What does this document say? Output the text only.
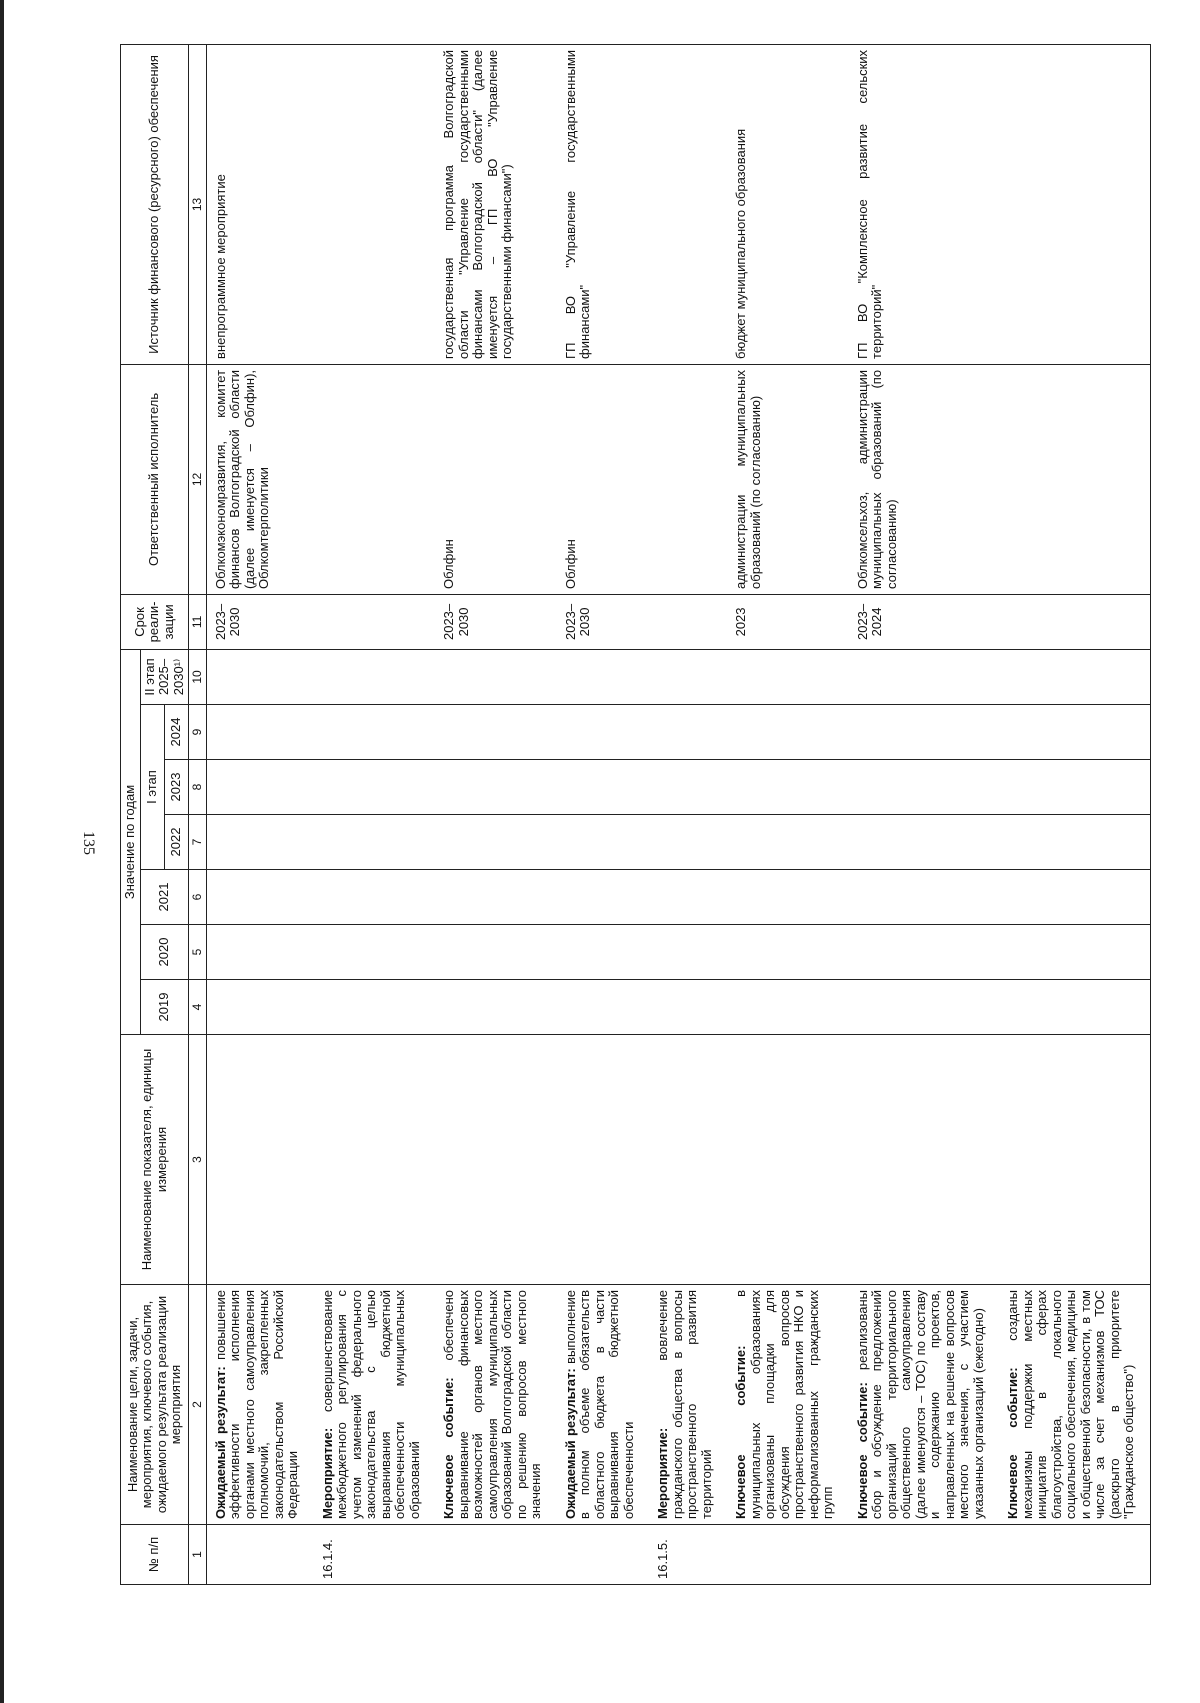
135
№ п/п	Наименование цели, задачи, мероприятия, ключевого события, ожидаемого результата реализации мероприятия	Наименование показателя, единицы измерения	Значение по годам							Срок реали-зации	Ответственный исполнитель	Источник финансового (ресурсного) обеспечения
			2019	2020	2021	I этап			II этап 2025–2030¹⁾			
						2022	2023	2024				
1	2	3	4	5	6	7	8	9	10	11	12	13
	Ожидаемый результат: повышение эффективности исполнения органами местного самоуправления полномочий, закрепленных законодательством Российской Федерации									2023–2030	Облкомэкономразвития, комитет финансов Волгоградской области (далее именуется – Облфин), Облкомтерполитики	внепрограммное мероприятие
16.1.4.	Мероприятие: совершенствование межбюджетного регулирования с учетом изменений федерального законодательства с целью выравнивания бюджетной обеспеченности муниципальных образований											
	Ключевое событие: обеспечено выравнивание финансовых возможностей органов местного самоуправления муниципальных образований Волгоградской области по решению вопросов местного значения									2023–2030	Облфин	государственная программа Волгоградской области "Управление государственными финансами Волгоградской области" (далее именуется – ГП ВО "Управление государственными финансами")
	Ожидаемый результат: выполнение в полном объеме обязательств областного бюджета в части выравнивания бюджетной обеспеченности									2023–2030	Облфин	ГП ВО "Управление государственными финансами"
16.1.5.	Мероприятие: вовлечение гражданского общества в вопросы пространственного развития территорий											
	Ключевое событие: в муниципальных образованиях организованы площадки для обсуждения вопросов пространственного развития НКО и неформализованных гражданских групп									2023	администрации муниципальных образований (по согласованию)	бюджет муниципального образования
	Ключевое событие: реализованы сбор и обсуждение предложений организаций территориального общественного самоуправления (далее именуются – ТОС) по составу и содержанию проектов, направленных на решение вопросов местного значения, с участием указанных организаций (ежегодно)									2023–2024	Облкомсельхоз, администрации муниципальных образований (по согласованию)	ГП ВО "Комплексное развитие сельских территорий"
	Ключевое событие: созданы механизмы поддержки местных инициатив в сферах благоустройства, локального социального обеспечения, медицины и общественной безопасности, в том числе за счет механизмов ТОС (раскрыто в приоритете "Гражданское общество")											
